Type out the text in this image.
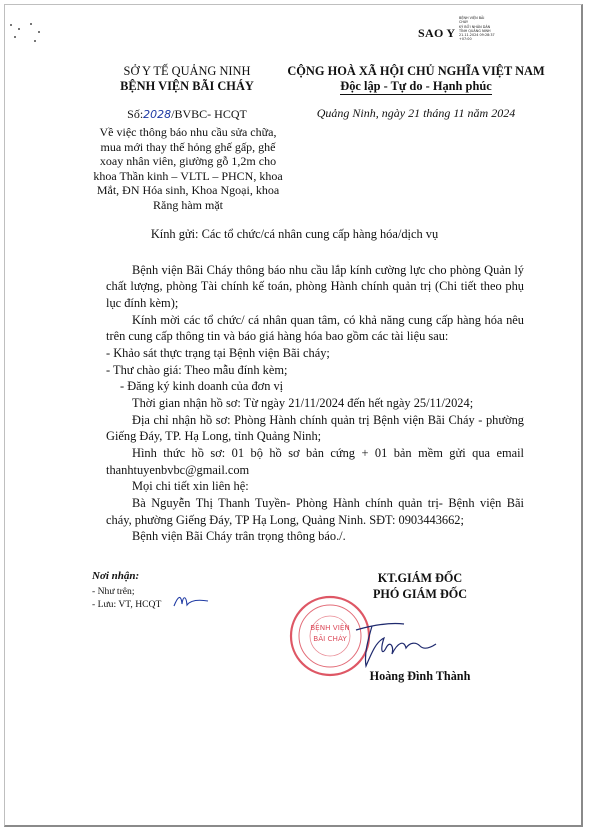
SAO Y
BỆNH VIỆN BÃI
CHÁY
KÝ BỞI NHÂN DÂN
TỈNH QUẢNG NINH
21.11.2024 09:28:37
+07:00
SỞ Y TẾ QUẢNG NINH
BỆNH VIỆN BÃI CHÁY
CỘNG HOÀ XÃ HỘI CHỦ NGHĨA VIỆT NAM
Độc lập - Tự do - Hạnh phúc
Số:2028/BVBC- HCQT	Quảng Ninh, ngày 21 tháng 11 năm 2024
Về việc thông báo nhu cầu sửa chữa, mua mới thay thế hỏng ghế gấp, ghế xoay nhân viên, giường gỗ 1,2m cho khoa Thần kinh – VLTL – PHCN, khoa Mắt, ĐN Hóa sinh, Khoa Ngoại, khoa Răng hàm mặt
Kính gửi: Các tổ chức/cá nhân cung cấp hàng hóa/dịch vụ

Bệnh viện Bãi Cháy thông báo nhu cầu lắp kính cường lực cho phòng Quản lý chất lượng, phòng Tài chính kế toán, phòng Hành chính quản trị (Chi tiết theo phụ lục đính kèm);

Kính mời các tổ chức/ cá nhân quan tâm, có khả năng cung cấp hàng hóa nêu trên cung cấp thông tin và báo giá hàng hóa bao gồm các tài liệu sau:

- Khảo sát thực trạng tại Bệnh viện Bãi cháy;

- Thư chào giá: Theo mẫu đính kèm;

- Đăng ký kinh doanh của đơn vị

Thời gian nhận hồ sơ: Từ ngày 21/11/2024 đến hết ngày 25/11/2024;

Địa chỉ nhận hồ sơ: Phòng Hành chính quản trị Bệnh viện Bãi Cháy - phường Giếng Đáy, TP. Hạ Long, tỉnh Quảng Ninh;

Hình thức hồ sơ: 01 bộ hồ sơ bản cứng + 01 bản mềm gửi qua email thanhtuyenbvbc@gmail.com

Mọi chi tiết xin liên hệ:

Bà Nguyễn Thị Thanh Tuyền- Phòng Hành chính quản trị- Bệnh viện Bãi cháy, phường Giếng Đáy, TP Hạ Long, Quảng Ninh. SĐT: 0903443662;

Bệnh viện Bãi Cháy trân trọng thông báo./.

Nơi nhận:
- Như trên;
- Lưu: VT, HCQT
KT.GIÁM ĐỐC
PHÓ GIÁM ĐỐC
BỆNH VIỆN
BÃI CHÁY
Hoàng Đình Thành
